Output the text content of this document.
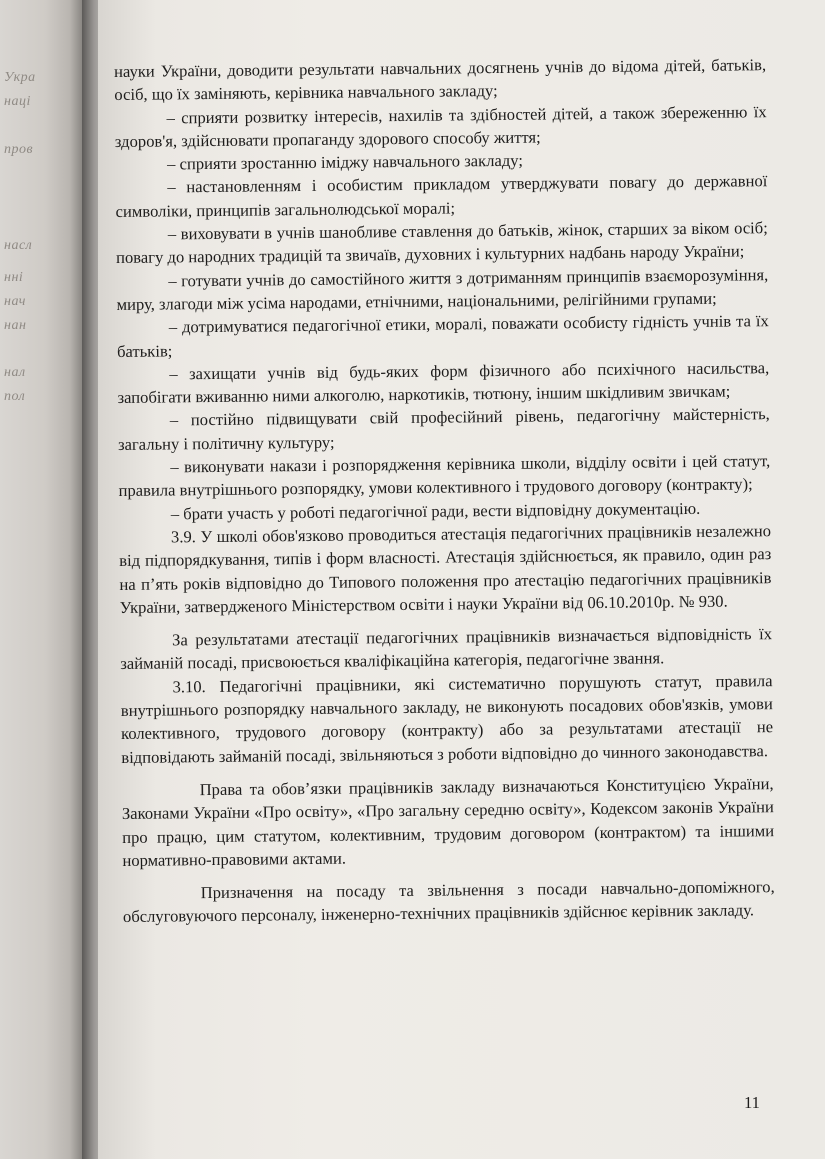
Укра
наці
пров
насл
нні
нач
нан
нал
пол

науки України, доводити результати навчальних досягнень учнів до відома дітей, батьків, осіб, що їх заміняють, керівника навчального закладу;

– сприяти розвитку інтересів, нахилів та здібностей дітей, а також збереженню їх здоров'я, здійснювати пропаганду здорового способу життя;

– сприяти зростанню іміджу навчального закладу;

– настановленням і особистим прикладом утверджувати повагу до державної символіки, принципів загальнолюдської моралі;

– виховувати в учнів шанобливе ставлення до батьків, жінок, старших за віком осіб; повагу до народних традицій та звичаїв, духовних і культурних надбань народу України;

– готувати учнів до самостійного життя з дотриманням принципів взаєморозуміння, миру, злагоди між усіма народами, етнічними, національними, релігійними групами;

– дотримуватися педагогічної етики, моралі, поважати особисту гідність учнів та їх батьків;

– захищати учнів від будь-яких форм фізичного або психічного насильства, запобігати вживанню ними алкоголю, наркотиків, тютюну, іншим шкідливим звичкам;

– постійно підвищувати свій професійний рівень, педагогічну майстерність, загальну і політичну культуру;

– виконувати накази і розпорядження керівника школи, відділу освіти і цей статут, правила внутрішнього розпорядку, умови колективного і трудового договору (контракту);

– брати участь у роботі педагогічної ради, вести відповідну документацію.

3.9. У школі обов'язково проводиться атестація педагогічних працівників незалежно від підпорядкування, типів і форм власності. Атестація здійснюється, як правило, один раз на п’ять років відповідно до Типового положення про атестацію педагогічних працівників України, затвердженого Міністерством освіти і науки України від 06.10.2010р. № 930.

За результатами атестації педагогічних працівників визначається відповідність їх займаній посаді, присвоюється кваліфікаційна категорія, педагогічне звання.

3.10. Педагогічні працівники, які систематично порушують статут, правила внутрішнього розпорядку навчального закладу, не виконують посадових обов'язків, умови колективного, трудового договору (контракту) або за результатами атестації не відповідають займаній посаді, звільняються з роботи відповідно до чинного законодавства.

Права та обов’язки працівників закладу визначаються Конституцією України, Законами України «Про освіту», «Про загальну середню освіту», Кодексом законів України про працю, цим статутом, колективним, трудовим договором (контрактом) та іншими нормативно-правовими актами.

Призначення на посаду та звільнення з посади навчально-допоміжного, обслуговуючого персоналу, інженерно-технічних працівників здійснює керівник закладу.

11
